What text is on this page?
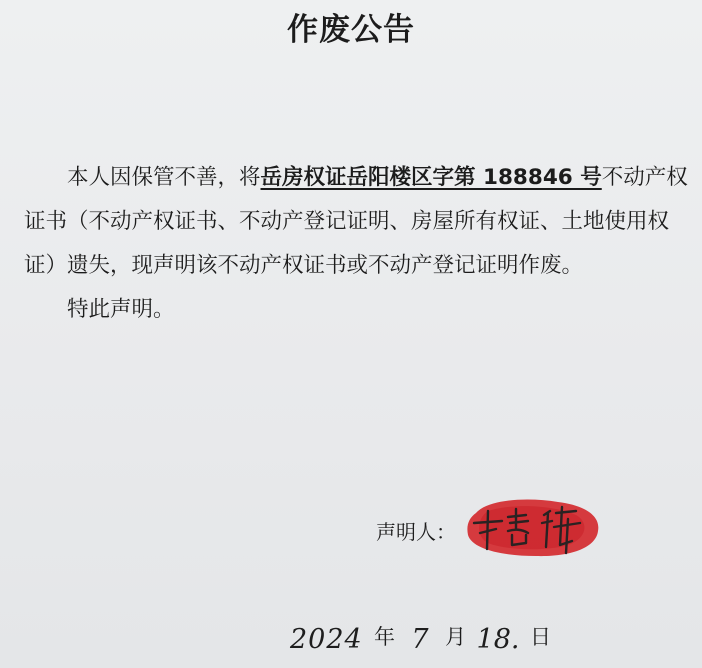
作废公告

本人因保管不善，将岳房权证岳阳楼区字第 188846 号不动产权证书（不动产权证书、不动产登记证明、房屋所有权证、土地使用权证）遗失，现声明该不动产权证书或不动产登记证明作废。

特此声明。

声明人：
2024 年 7 月 18. 日
